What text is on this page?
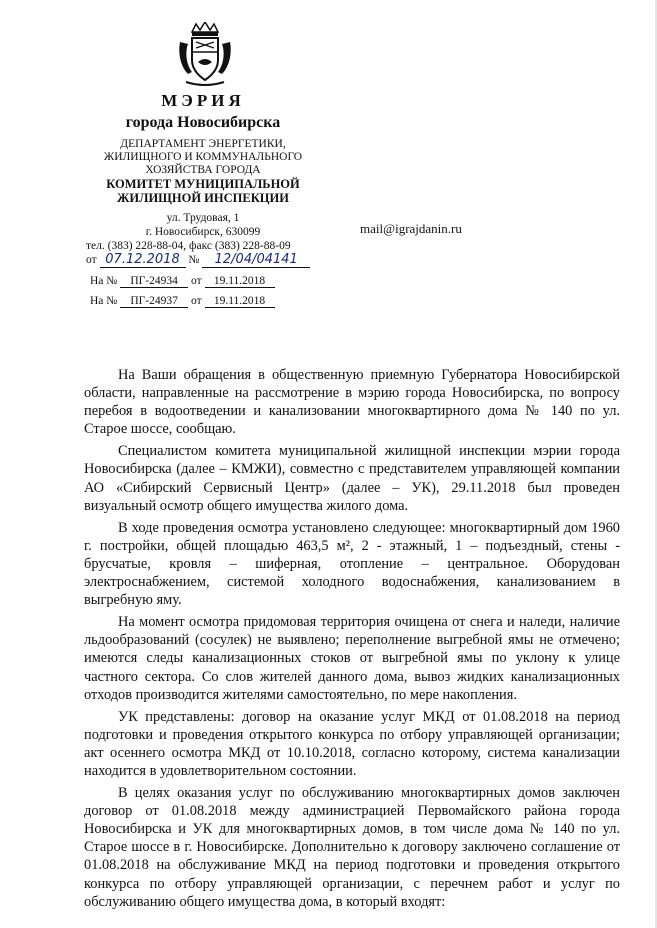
МЭРИЯ
города Новосибирска
ДЕПАРТАМЕНТ ЭНЕРГЕТИКИ,
ЖИЛИЩНОГО И КОММУНАЛЬНОГО
ХОЗЯЙСТВА ГОРОДА
КОМИТЕТ МУНИЦИПАЛЬНОЙ
ЖИЛИЩНОЙ ИНСПЕКЦИИ
ул. Трудовая, 1
г. Новосибирск, 630099
тел. (383) 228-88-04, факс (383) 228-88-09
от 07.12.2018 № 12/04/04141
На № ПГ-24934 от 19.11.2018
На № ПГ-24937 от 19.11.2018
mail@igrajdanin.ru

На Ваши обращения в общественную приемную Губернатора Новосибирской области, направленные на рассмотрение в мэрию города Новосибирска, по вопросу перебоя в водоотведении и канализовании многоквартирного дома № 140 по ул. Старое шоссе, сообщаю.

Специалистом комитета муниципальной жилищной инспекции мэрии города Новосибирска (далее – КМЖИ), совместно с представителем управляющей компании АО «Сибирский Сервисный Центр» (далее – УК), 29.11.2018 был проведен визуальный осмотр общего имущества жилого дома.

В ходе проведения осмотра установлено следующее: многоквартирный дом 1960 г. постройки, общей площадью 463,5 м², 2 - этажный, 1 – подъездный, стены - брусчатые, кровля – шиферная, отопление – центральное. Оборудован электроснабжением, системой холодного водоснабжения, канализованием в выгребную яму.

На момент осмотра придомовая территория очищена от снега и наледи, наличие льдообразований (сосулек) не выявлено; переполнение выгребной ямы не отмечено; имеются следы канализационных стоков от выгребной ямы по уклону к улице частного сектора. Со слов жителей данного дома, вывоз жидких канализационных отходов производится жителями самостоятельно, по мере накопления.

УК представлены: договор на оказание услуг МКД от 01.08.2018 на период подготовки и проведения открытого конкурса по отбору управляющей организации; акт осеннего осмотра МКД от 10.10.2018, согласно которому, система канализации находится в удовлетворительном состоянии.

В целях оказания услуг по обслуживанию многоквартирных домов заключен договор от 01.08.2018 между администрацией Первомайского района города Новосибирска и УК для многоквартирных домов, в том числе дома № 140 по ул. Старое шоссе в г. Новосибирске. Дополнительно к договору заключено соглашение от 01.08.2018 на обслуживание МКД на период подготовки и проведения открытого конкурса по отбору управляющей организации, с перечнем работ и услуг по обслуживанию общего имущества дома, в который входят:
